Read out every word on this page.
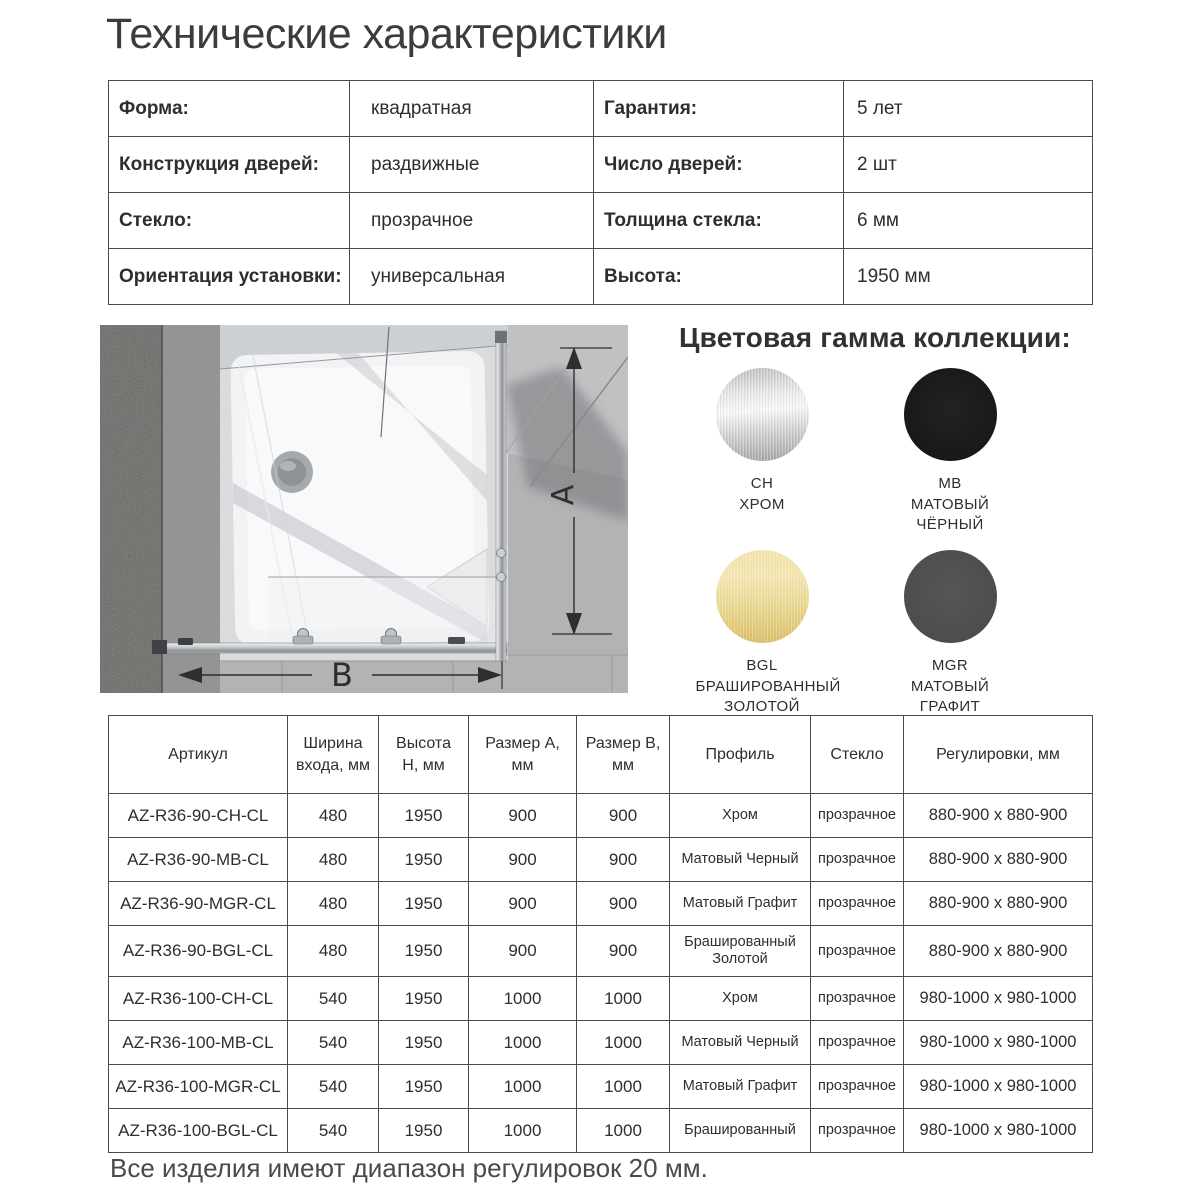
Технические характеристики
Форма:	квадратная	Гарантия:	5 лет
Конструкция дверей:	раздвижные	Число дверей:	2 шт
Стекло:	прозрачное	Толщина стекла:	6 мм
Ориентация установки:	универсальная	Высота:	1950 мм
A
B
Цветовая гамма коллекции:
CH
ХРОМ
MB
МАТОВЫЙ ЧЁРНЫЙ
BGL
БРАШИРОВАННЫЙ ЗОЛОТОЙ
MGR
МАТОВЫЙ ГРАФИТ
Артикул	Ширина входа, мм	Высота H, мм	Размер A, мм	Размер B, мм	Профиль	Стекло	Регулировки, мм
AZ-R36-90-CH-CL	480	1950	900	900	Хром	прозрачное	880-900 x 880-900
AZ-R36-90-MB-CL	480	1950	900	900	Матовый Черный	прозрачное	880-900 x 880-900
AZ-R36-90-MGR-CL	480	1950	900	900	Матовый Графит	прозрачное	880-900 x 880-900
AZ-R36-90-BGL-CL	480	1950	900	900	Брашированный Золотой	прозрачное	880-900 x 880-900
AZ-R36-100-CH-CL	540	1950	1000	1000	Хром	прозрачное	980-1000 x 980-1000
AZ-R36-100-MB-CL	540	1950	1000	1000	Матовый Черный	прозрачное	980-1000 x 980-1000
AZ-R36-100-MGR-CL	540	1950	1000	1000	Матовый Графит	прозрачное	980-1000 x 980-1000
AZ-R36-100-BGL-CL	540	1950	1000	1000	Брашированный	прозрачное	980-1000 x 980-1000
Все изделия имеют диапазон регулировок 20 мм.
